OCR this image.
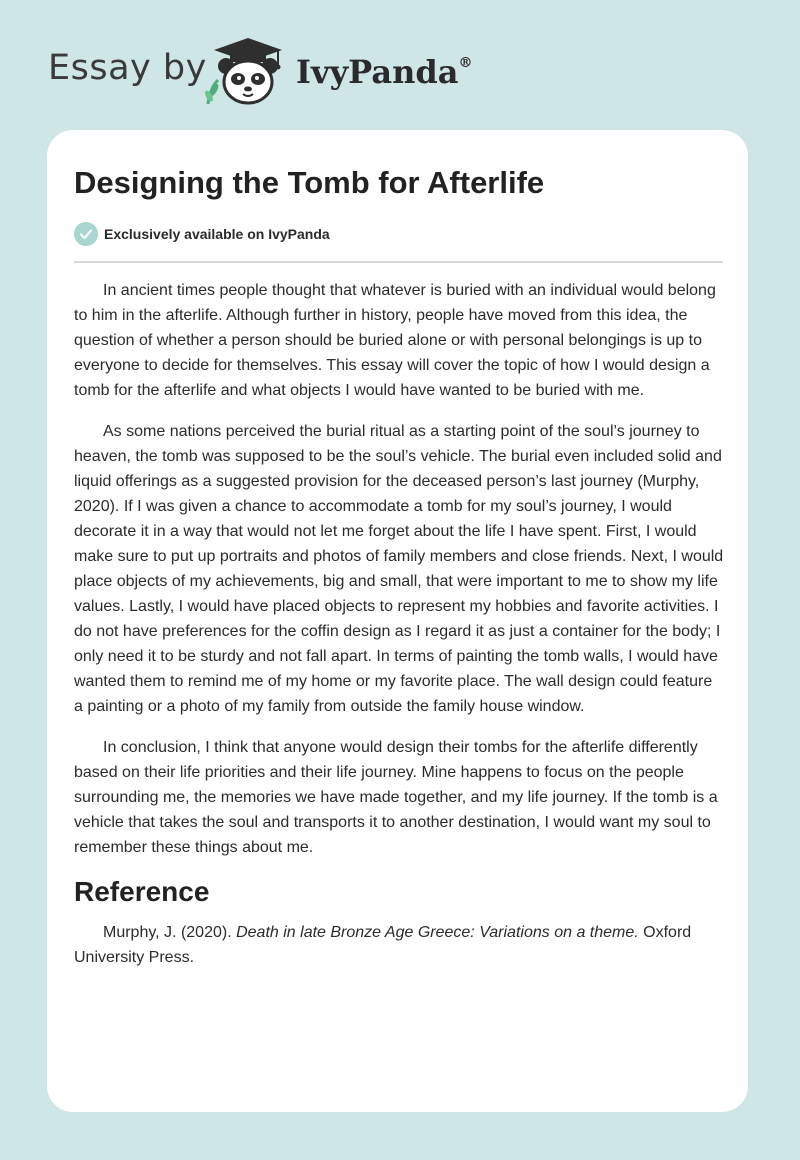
Essay by	IvyPanda®
Designing the Tomb for Afterlife
Exclusively available on IvyPanda

In ancient times people thought that whatever is buried with an individual would belong to him in the afterlife. Although further in history, people have moved from this idea, the question of whether a person should be buried alone or with personal belongings is up to everyone to decide for themselves. This essay will cover the topic of how I would design a tomb for the afterlife and what objects I would have wanted to be buried with me.

As some nations perceived the burial ritual as a starting point of the soul’s journey to heaven, the tomb was supposed to be the soul’s vehicle. The burial even included solid and liquid offerings as a suggested provision for the deceased person’s last journey (Murphy, 2020). If I was given a chance to accommodate a tomb for my soul’s journey, I would decorate it in a way that would not let me forget about the life I have spent. First, I would make sure to put up portraits and photos of family members and close friends. Next, I would place objects of my achievements, big and small, that were important to me to show my life values. Lastly, I would have placed objects to represent my hobbies and favorite activities. I do not have preferences for the coffin design as I regard it as just a container for the body; I only need it to be sturdy and not fall apart. In terms of painting the tomb walls, I would have wanted them to remind me of my home or my favorite place. The wall design could feature a painting or a photo of my family from outside the family house window.

In conclusion, I think that anyone would design their tombs for the afterlife differently based on their life priorities and their life journey. Mine happens to focus on the people surrounding me, the memories we have made together, and my life journey. If the tomb is a vehicle that takes the soul and transports it to another destination, I would want my soul to remember these things about me.

Reference

Murphy, J. (2020). Death in late Bronze Age Greece: Variations on a theme. Oxford University Press.
